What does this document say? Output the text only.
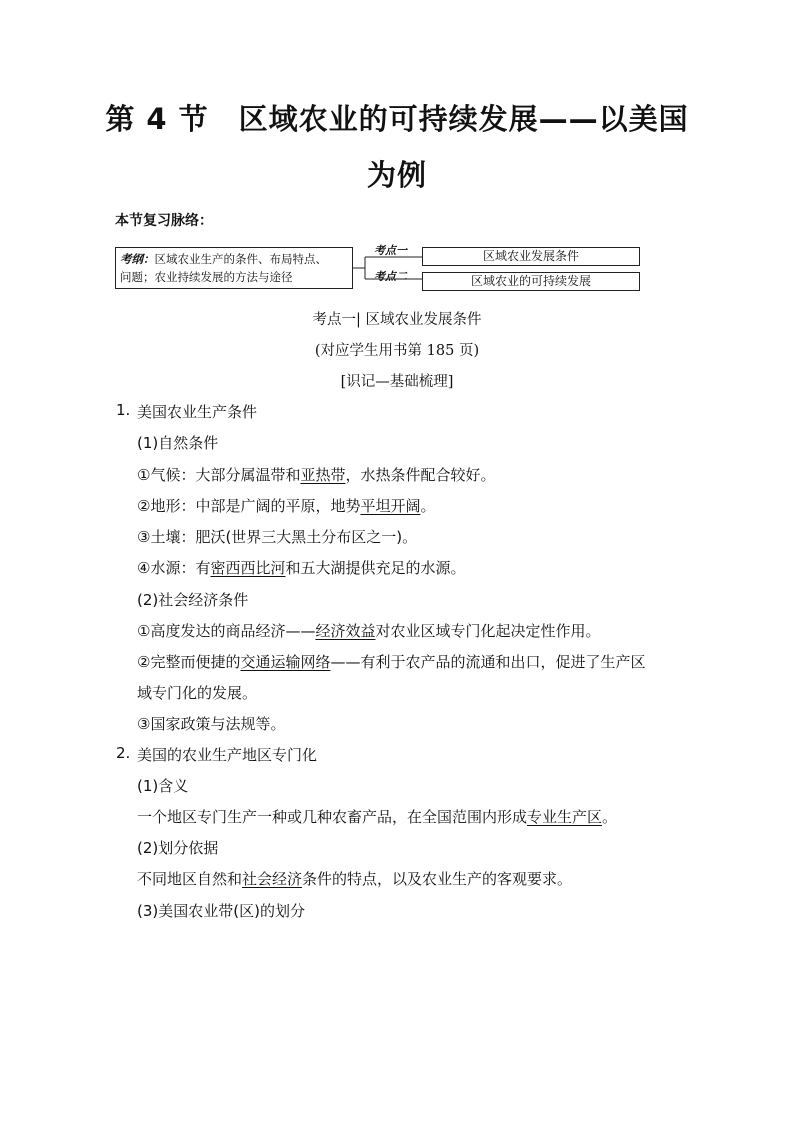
第 4 节　区域农业的可持续发展——以美国
为例
本节复习脉络：
考纲：区域农业生产的条件、布局特点、
问题；农业持续发展的方法与途径
考点一
考点二
区域农业发展条件
区域农业的可持续发展
考点一| 区域农业发展条件
(对应学生用书第 185 页)
[识记—基础梳理]
1. 美国农业生产条件
(1)自然条件
①气候：大部分属温带和亚热带，水热条件配合较好。
②地形：中部是广阔的平原，地势平坦开阔。
③土壤：肥沃(世界三大黑土分布区之一)。
④水源：有密西西比河和五大湖提供充足的水源。
(2)社会经济条件
①高度发达的商品经济——经济效益对农业区域专门化起决定性作用。
②完整而便捷的交通运输网络——有利于农产品的流通和出口，促进了生产区
域专门化的发展。
③国家政策与法规等。
2. 美国的农业生产地区专门化
(1)含义
一个地区专门生产一种或几种农畜产品，在全国范围内形成专业生产区。
(2)划分依据
不同地区自然和社会经济条件的特点，以及农业生产的客观要求。
(3)美国农业带(区)的划分
